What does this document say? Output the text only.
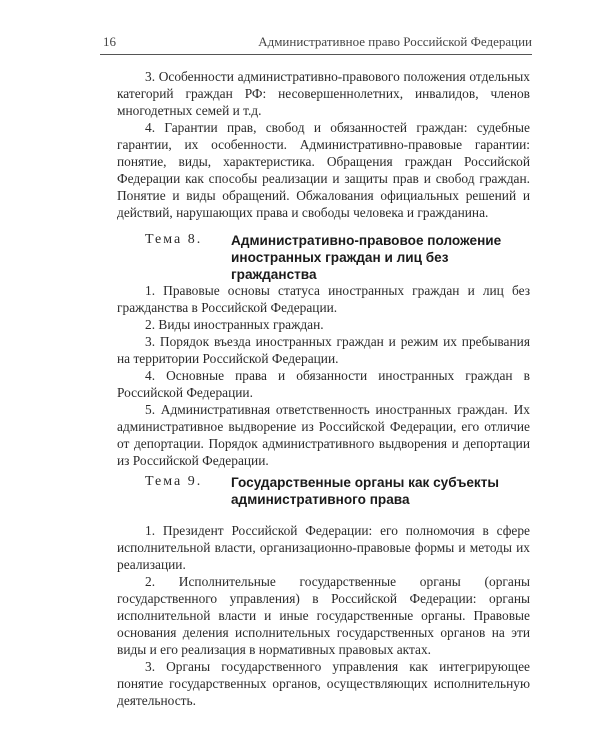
16	Административное право Российской Федерации

3. Особенности административно-правового положения отдельных категорий граждан РФ: несовершеннолетних, инвалидов, членов многодетных семей и т.д.

4. Гарантии прав, свобод и обязанностей граждан: судебные гарантии, их особенности. Административно-правовые гарантии: понятие, виды, характеристика. Обращения граждан Российской Федерации как способы реализации и защиты прав и свобод граждан. Понятие и виды обращений. Обжалования официальных решений и действий, нарушающих права и свободы человека и гражданина.

Тема 8. Административно-правовое положение иностранных граждан и лиц без гражданства

1. Правовые основы статуса иностранных граждан и лиц без гражданства в Российской Федерации.

2. Виды иностранных граждан.

3. Порядок въезда иностранных граждан и режим их пребывания на территории Российской Федерации.

4. Основные права и обязанности иностранных граждан в Российской Федерации.

5. Административная ответственность иностранных граждан. Их административное выдворение из Российской Федерации, его отличие от депортации. Порядок административного выдворения и депортации из Российской Федерации.

Тема 9. Государственные органы как субъекты административного права

1. Президент Российской Федерации: его полномочия в сфере исполнительной власти, организационно-правовые формы и методы их реализации.

2. Исполнительные государственные органы (органы государственного управления) в Российской Федерации: органы исполнительной власти и иные государственные органы. Правовые основания деления исполнительных государственных органов на эти виды и его реализация в нормативных правовых актах.

3. Органы государственного управления как интегрирующее понятие государственных органов, осуществляющих исполнительную деятельность.
